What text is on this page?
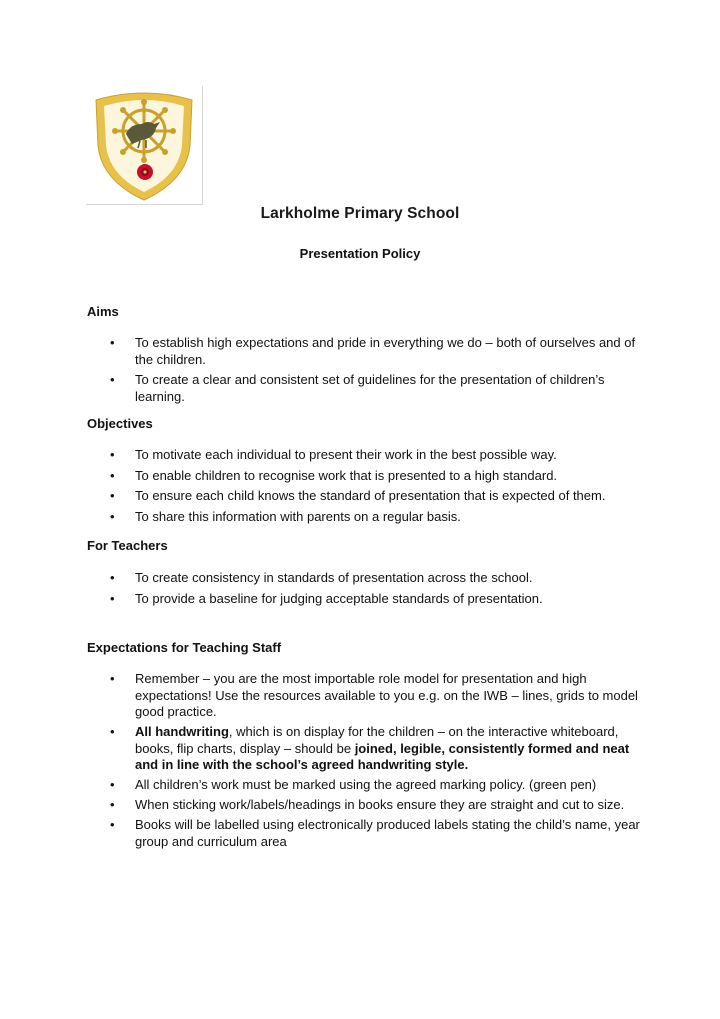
Larkholme Primary School
Presentation Policy

Aims

•	To establish high expectations and pride in everything we do – both of ourselves and of the children.
•	To create a clear and consistent set of guidelines for the presentation of children’s learning.

Objectives

•	To motivate each individual to present their work in the best possible way.
•	To enable children to recognise work that is presented to a high standard.
•	To ensure each child knows the standard of presentation that is expected of them.
•	To share this information with parents on a regular basis.

For Teachers

•	To create consistency in standards of presentation across the school.
•	To provide a baseline for judging acceptable standards of presentation.

Expectations for Teaching Staff

•	Remember – you are the most importable role model for presentation and high expectations! Use the resources available to you e.g. on the IWB – lines, grids to model good practice.
•	All handwriting, which is on display for the children – on the interactive whiteboard, books, flip charts, display – should be joined, legible, consistently formed and neat and in line with the school’s agreed handwriting style.
•	All children’s work must be marked using the agreed marking policy. (green pen)
•	When sticking work/labels/headings in books ensure they are straight and cut to size.
•	Books will be labelled using electronically produced labels stating the child’s name, year group and curriculum area
